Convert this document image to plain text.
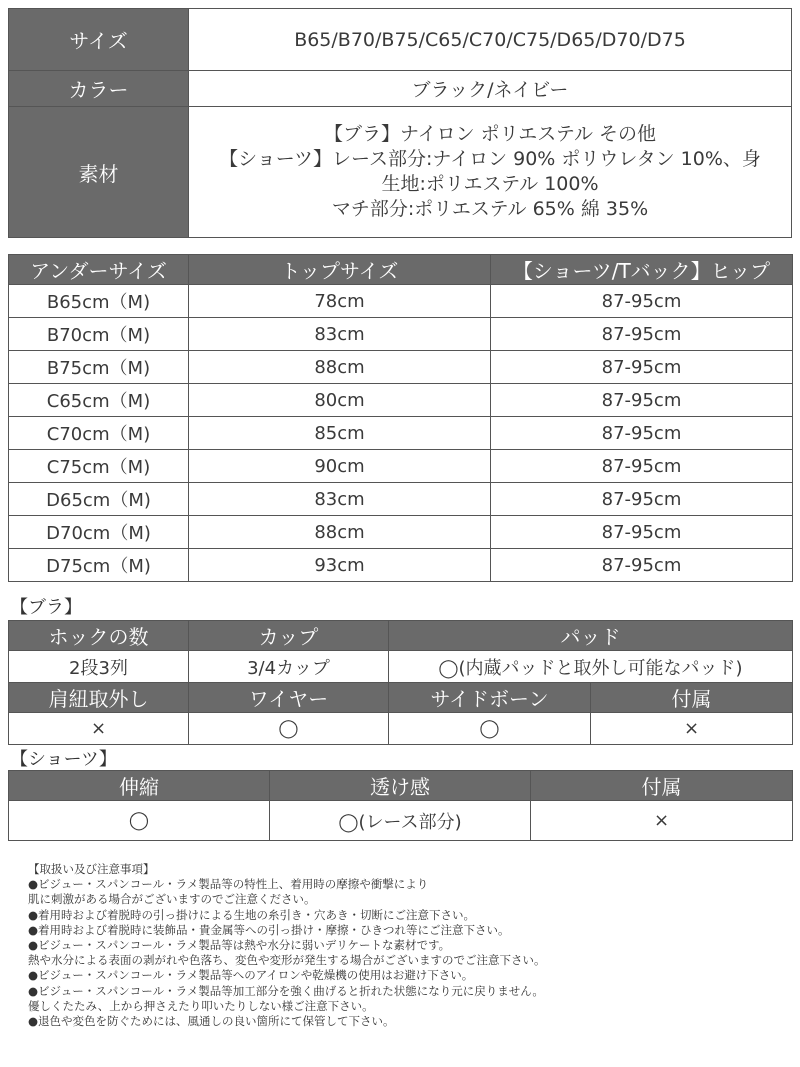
サイズ	B65/B70/B75/C65/C70/C75/D65/D70/D75
カラー	ブラック/ネイビー
素材	【ブラ】ナイロン ポリエステル その他
【ショーツ】レース部分:ナイロン 90% ポリウレタン 10%、身
生地:ポリエステル 100%
マチ部分:ポリエステル 65% 綿 35%
アンダーサイズ	トップサイズ	【ショーツ/Tバック】ヒップ
B65cm（M)	78cm	87-95cm
B70cm（M)	83cm	87-95cm
B75cm（M)	88cm	87-95cm
C65cm（M)	80cm	87-95cm
C70cm（M)	85cm	87-95cm
C75cm（M)	90cm	87-95cm
D65cm（M)	83cm	87-95cm
D70cm（M)	88cm	87-95cm
D75cm（M)	93cm	87-95cm
【ブラ】
ホックの数	カップ	パッド
2段3列	3/4カップ	◯(内蔵パッドと取外し可能なパッド)
肩紐取外し	ワイヤー	サイドボーン	付属
×	◯	◯	×
【ショーツ】
伸縮	透け感	付属
◯	◯(レース部分)	×

【取扱い及び注意事項】

●ビジュー・スパンコール・ラメ製品等の特性上、着用時の摩擦や衝撃により

肌に刺激がある場合がございますのでご注意ください。

●着用時および着脱時の引っ掛けによる生地の糸引き・穴あき・切断にご注意下さい。

●着用時および着脱時に装飾品・貴金属等への引っ掛け・摩擦・ひきつれ等にご注意下さい。

●ビジュー・スパンコール・ラメ製品等は熱や水分に弱いデリケートな素材です。

熱や水分による表面の剥がれや色落ち、変色や変形が発生する場合がございますのでご注意下さい。

●ビジュー・スパンコール・ラメ製品等へのアイロンや乾燥機の使用はお避け下さい。

●ビジュー・スパンコール・ラメ製品等加工部分を強く曲げると折れた状態になり元に戻りません。

優しくたたみ、上から押さえたり叩いたりしない様ご注意下さい。

●退色や変色を防ぐためには、風通しの良い箇所にて保管して下さい。
